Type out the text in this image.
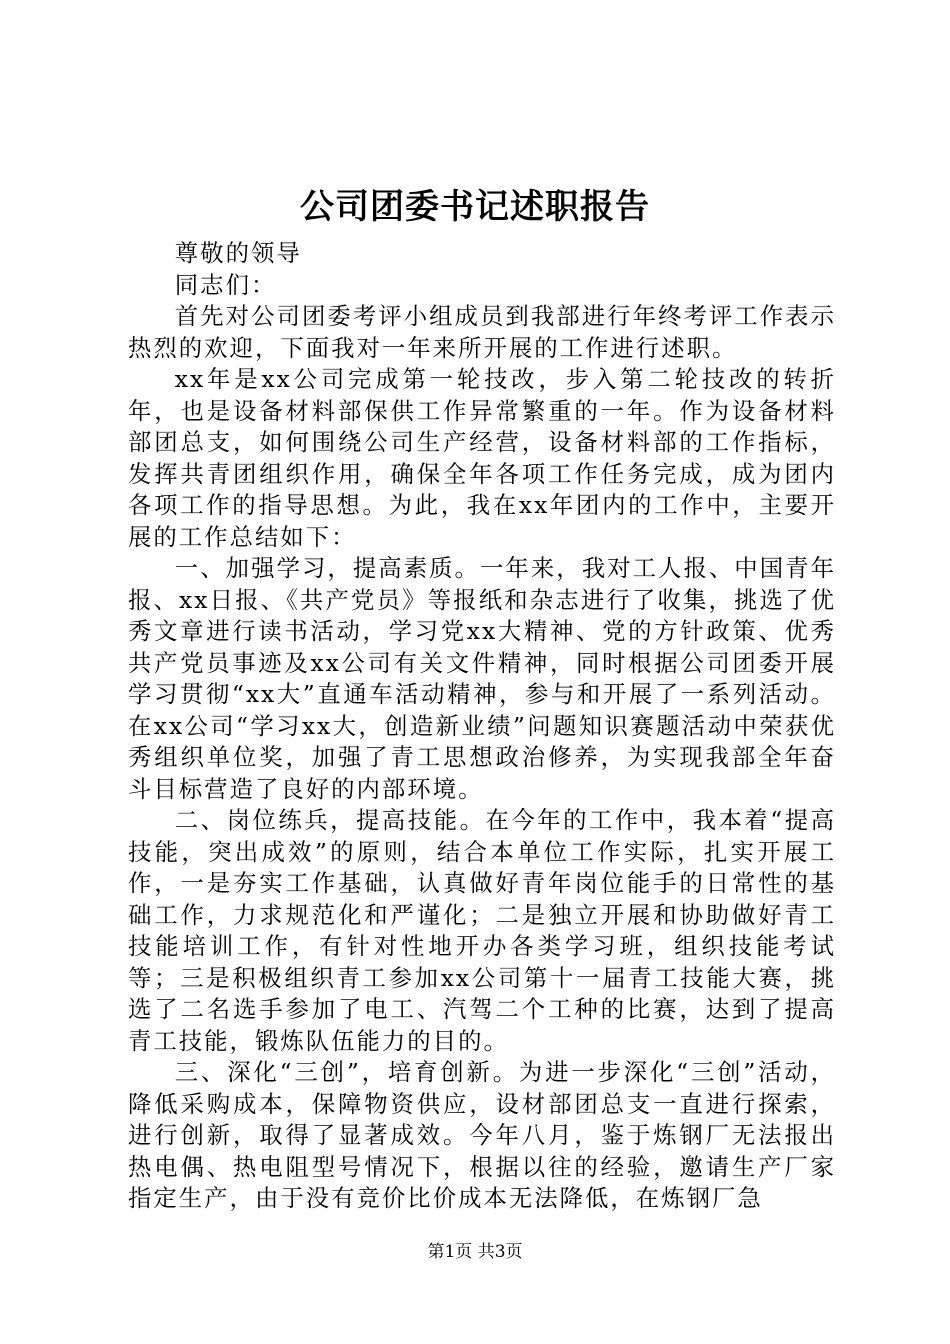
公司团委书记述职报告

尊敬的领导

同志们：

首先对公司团委考评小组成员到我部进行年终考评工作表示热烈的欢迎，下面我对一年来所开展的工作进行述职。

xx年是xx公司完成第一轮技改，步入第二轮技改的转折年，也是设备材料部保供工作异常繁重的一年。作为设备材料部团总支，如何围绕公司生产经营，设备材料部的工作指标，发挥共青团组织作用，确保全年各项工作任务完成，成为团内各项工作的指导思想。为此，我在xx年团内的工作中，主要开展的工作总结如下：

一、加强学习，提高素质。一年来，我对工人报、中国青年报、xx日报、《共产党员》等报纸和杂志进行了收集，挑选了优秀文章进行读书活动，学习党xx大精神、党的方针政策、优秀共产党员事迹及xx公司有关文件精神，同时根据公司团委开展学习贯彻“xx大”直通车活动精神，参与和开展了一系列活动。在xx公司“学习xx大，创造新业绩”问题知识赛题活动中荣获优秀组织单位奖，加强了青工思想政治修养，为实现我部全年奋斗目标营造了良好的内部环境。

二、岗位练兵，提高技能。在今年的工作中，我本着“提高技能，突出成效”的原则，结合本单位工作实际，扎实开展工作，一是夯实工作基础，认真做好青年岗位能手的日常性的基础工作，力求规范化和严谨化；二是独立开展和协助做好青工技能培训工作，有针对性地开办各类学习班，组织技能考试等；三是积极组织青工参加xx公司第十一届青工技能大赛，挑选了二名选手参加了电工、汽驾二个工种的比赛，达到了提高青工技能，锻炼队伍能力的目的。

三、深化“三创”，培育创新。为进一步深化“三创”活动，降低采购成本，保障物资供应，设材部团总支一直进行探索，进行创新，取得了显著成效。今年八月，鉴于炼钢厂无法报出热电偶、热电阻型号情况下，根据以往的经验，邀请生产厂家指定生产，由于没有竞价比价成本无法降低，在炼钢厂急

第1页 共3页
